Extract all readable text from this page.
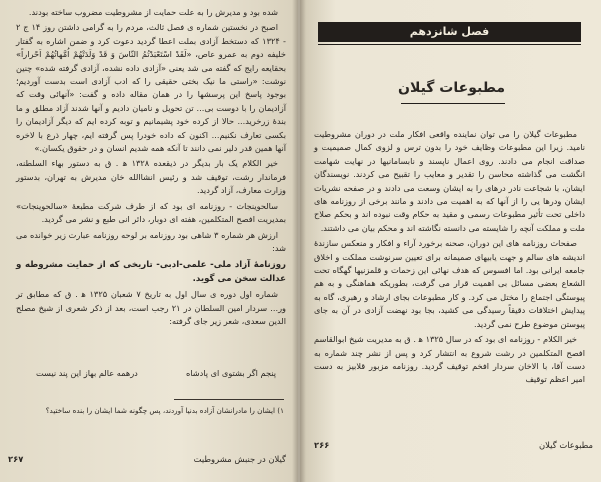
شده بود و مدیرش را به علت حمایت از مشروطیت مضروب ساخته بودند.

اصبح در نخستین شماره ی فصل ثالث، مردم را به گرامی داشتن روز ۱۴ ج ۲ - ۱۳۲۴ که دستخط آزادی بملت اعطا گردید دعوت کرد و ضمن اشاره به گفتار خلیفه دوم به عمرو عاص، «لَقَدْ اسْتَعْبَدْتُمُ النّاسَ وَ قَدْ وَلَدَتْهُمْ اُمَّهاتُهُمْ اَحْراراً» بحقایعه رایج که گفته می شد یعنی «آزادی داده نشده، آزادی گرفته شده» چنین نوشت: «راستی ما نیک بختی حقیقی را که ادب آزادی است بدست آوردیم؛ بوجود پاسخ این پرسشها را در همان مقاله داده و گفت: «آنهائی وقت که آزادیمان را با دوست بی... تن تحویل و نامیان دادیم و آنها شدند آزاد مطلق و ما بندهٔ زرخرید... حالا از کرده خود پشیمانیم و توبه کرده ایم که دیگر آزادیمان را بکسی تعارف نکنیم... اکنون که داده خودرا پس گرفته ایم، چهار ذرع با لاخره آنها همین قدر دلیر نمی دانند تا آنکه همه شدیم انسان و در حقوق یکسان.»

خیر الکلام یک بار بدیگر در ذیقعده ۱۳۲۸ ه‍ . ق به دستور بهاء السلطنه، فرماندار رشت، توقیف شد و رئیس انشاالله خان مدیرش به تهران، بدستور وزارت معارف، آزاد گردید.

سالحوینجات - روزنامه ای بود که از طرف شرکت مطبعهٔ «سالحوینجات» بمدیریت افصح المتکلمین، هفته ای دوبار، دائر انی طبع و نشر می گردید.

ارزش هر شماره ۳ شاهی بود روزنامه بر لوحه روزنامه عبارت زیر خوانده می شد:

روزنامهٔ آزاد ملی- علمی-ادبی- تاریخی که از حمایت مشروطه و عدالت سخن می گوید.

شماره اول دوره ی سال اول به تاریخ ۷ شعبان ۱۳۲۵ ه‍ . ق که مطابق تر ور... سردار امین السلطان در ۲۱ رجب است، بعد از ذکر شعری از شیخ مصلح الدین سعدی، شعر زیر جای گرفته:

پنجم اگر بشتوی ای پادشاه
درهمه عالم بهاز این پند نیست
۱) ایشان را مادرانشان آزاده بدنیا آوردند، پس چگونه شما ایشان را بنده ساختید؟
گیلان در جنبش مشروطیت
۲۶۷
فصل شانزدهم
مطبوعات گیلان

مطبوعات گیلان را می توان نماینده واقعی افکار ملت در دوران مشروطیت نامید. زیرا این مطبوعات وظایف خود را بدون ترس و لزوی کمال صمیمیت و صداقت انجام می دادند. روی اعمال ناپسند و نابسامانیها در نهایت شهامت انگشت می گذاشته محاسن را تقدیر و معایب را تقبیح می کردند. نویسندگان ایشان، با شجاعت نادر درهای را به ایشان وسعت می دادند و در صفحه نشریات ایشان ودرها یی را از آنها که به اهمیت می دادند و مانند برخی از روزنامه های داخلی تحت تأثیر مطبوعات رسمی و مقید به حکام وقت نبوده اند و بحکم صلاح ملت و مملکت آنچه را شایسته می دانسته نگاشته اند و محکم بیان می داشتند.

صفحات روزنامه های این دوران، صحنه برخورد آراء و افکار و منعکس سازندهٔ اندیشه های سالم و جهت یابیهای صمیمانه برای تعیین سرنوشت مملکت و اخلاق جامعه ایرانی بود. اما افسوس که هدف نهائی این زحمات و قلمزنیها گهگاه تحت الشعاع بعضی مسائل بی اهمیت قرار می گرفت، بطوریکه هماهنگی و به هم پیوستگی اجتماع را مختل می کرد. و کار مطبوعات بجای ارشاد و رهبری، گاه به پیدایش اختلافات دقیقاً رسیدگی می کشید، بجا بود نهضت آزادی در آن به جای پیوستن موضوع طرح نمی گردید.

خیر الکلام - روزنامه ای بود که در سال ۱۳۲۵ ه‍ . ق به مدیریت شیخ ابوالقاسم افصح المتکلمین در رشت شروع به انتشار کرد و پس از نشر چند شماره به دست آقا، با الاخان سردار افخم توقیف گردید. روزنامه مزبور قلابیز به دست امیر اعظم توقیف

مطبوعات گیلان
۲۶۶
